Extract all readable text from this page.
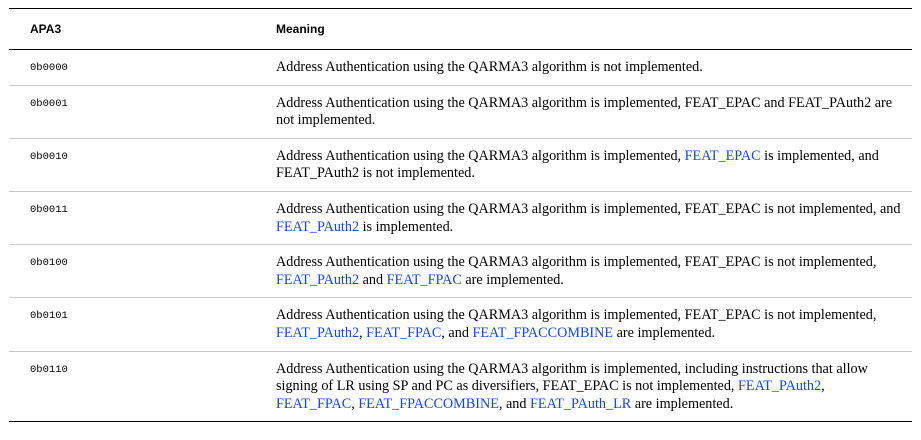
APA3	Meaning
0b0000	Address Authentication using the QARMA3 algorithm is not implemented.
0b0001	Address Authentication using the QARMA3 algorithm is implemented, FEAT_EPAC and FEAT_PAuth2 are not implemented.
0b0010	Address Authentication using the QARMA3 algorithm is implemented, FEAT_EPAC is implemented, and FEAT_PAuth2 is not implemented.
0b0011	Address Authentication using the QARMA3 algorithm is implemented, FEAT_EPAC is not implemented, and FEAT_PAuth2 is implemented.
0b0100	Address Authentication using the QARMA3 algorithm is implemented, FEAT_EPAC is not implemented, FEAT_PAuth2 and FEAT_FPAC are implemented.
0b0101	Address Authentication using the QARMA3 algorithm is implemented, FEAT_EPAC is not implemented, FEAT_PAuth2, FEAT_FPAC, and FEAT_FPACCOMBINE are implemented.
0b0110	Address Authentication using the QARMA3 algorithm is implemented, including instructions that allow signing of LR using SP and PC as diversifiers, FEAT_EPAC is not implemented, FEAT_PAuth2, FEAT_FPAC, FEAT_FPACCOMBINE, and FEAT_PAuth_LR are implemented.
